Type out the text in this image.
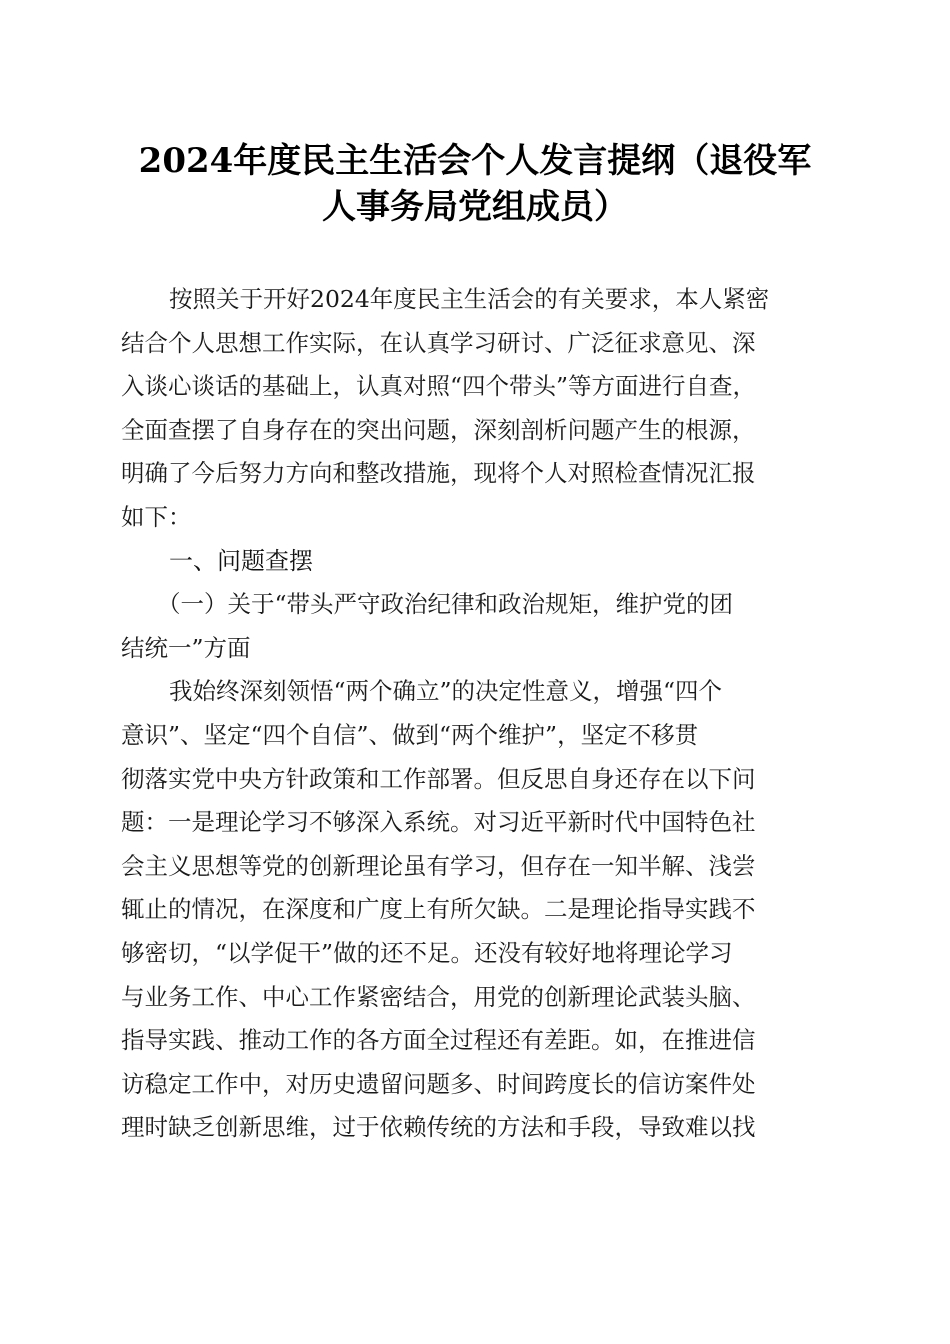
2024年度民主生活会个人发言提纲（退役军
人事务局党组成员）
按照关于开好2024年度民主生活会的有关要求，本人紧密
结合个人思想工作实际，在认真学习研讨、广泛征求意见、深
入谈心谈话的基础上，认真对照“四个带头”等方面进行自查，
全面查摆了自身存在的突出问题，深刻剖析问题产生的根源，
明确了今后努力方向和整改措施，现将个人对照检查情况汇报
如下：
一、问题查摆
（一）关于“带头严守政治纪律和政治规矩，维护党的团
结统一”方面
我始终深刻领悟“两个确立”的决定性意义，增强“四个
意识”、坚定“四个自信”、做到“两个维护”，坚定不移贯
彻落实党中央方针政策和工作部署。但反思自身还存在以下问
题：一是理论学习不够深入系统。对习近平新时代中国特色社
会主义思想等党的创新理论虽有学习，但存在一知半解、浅尝
辄止的情况，在深度和广度上有所欠缺。二是理论指导实践不
够密切，“以学促干”做的还不足。还没有较好地将理论学习
与业务工作、中心工作紧密结合，用党的创新理论武装头脑、
指导实践、推动工作的各方面全过程还有差距。如，在推进信
访稳定工作中，对历史遗留问题多、时间跨度长的信访案件处
理时缺乏创新思维，过于依赖传统的方法和手段，导致难以找
